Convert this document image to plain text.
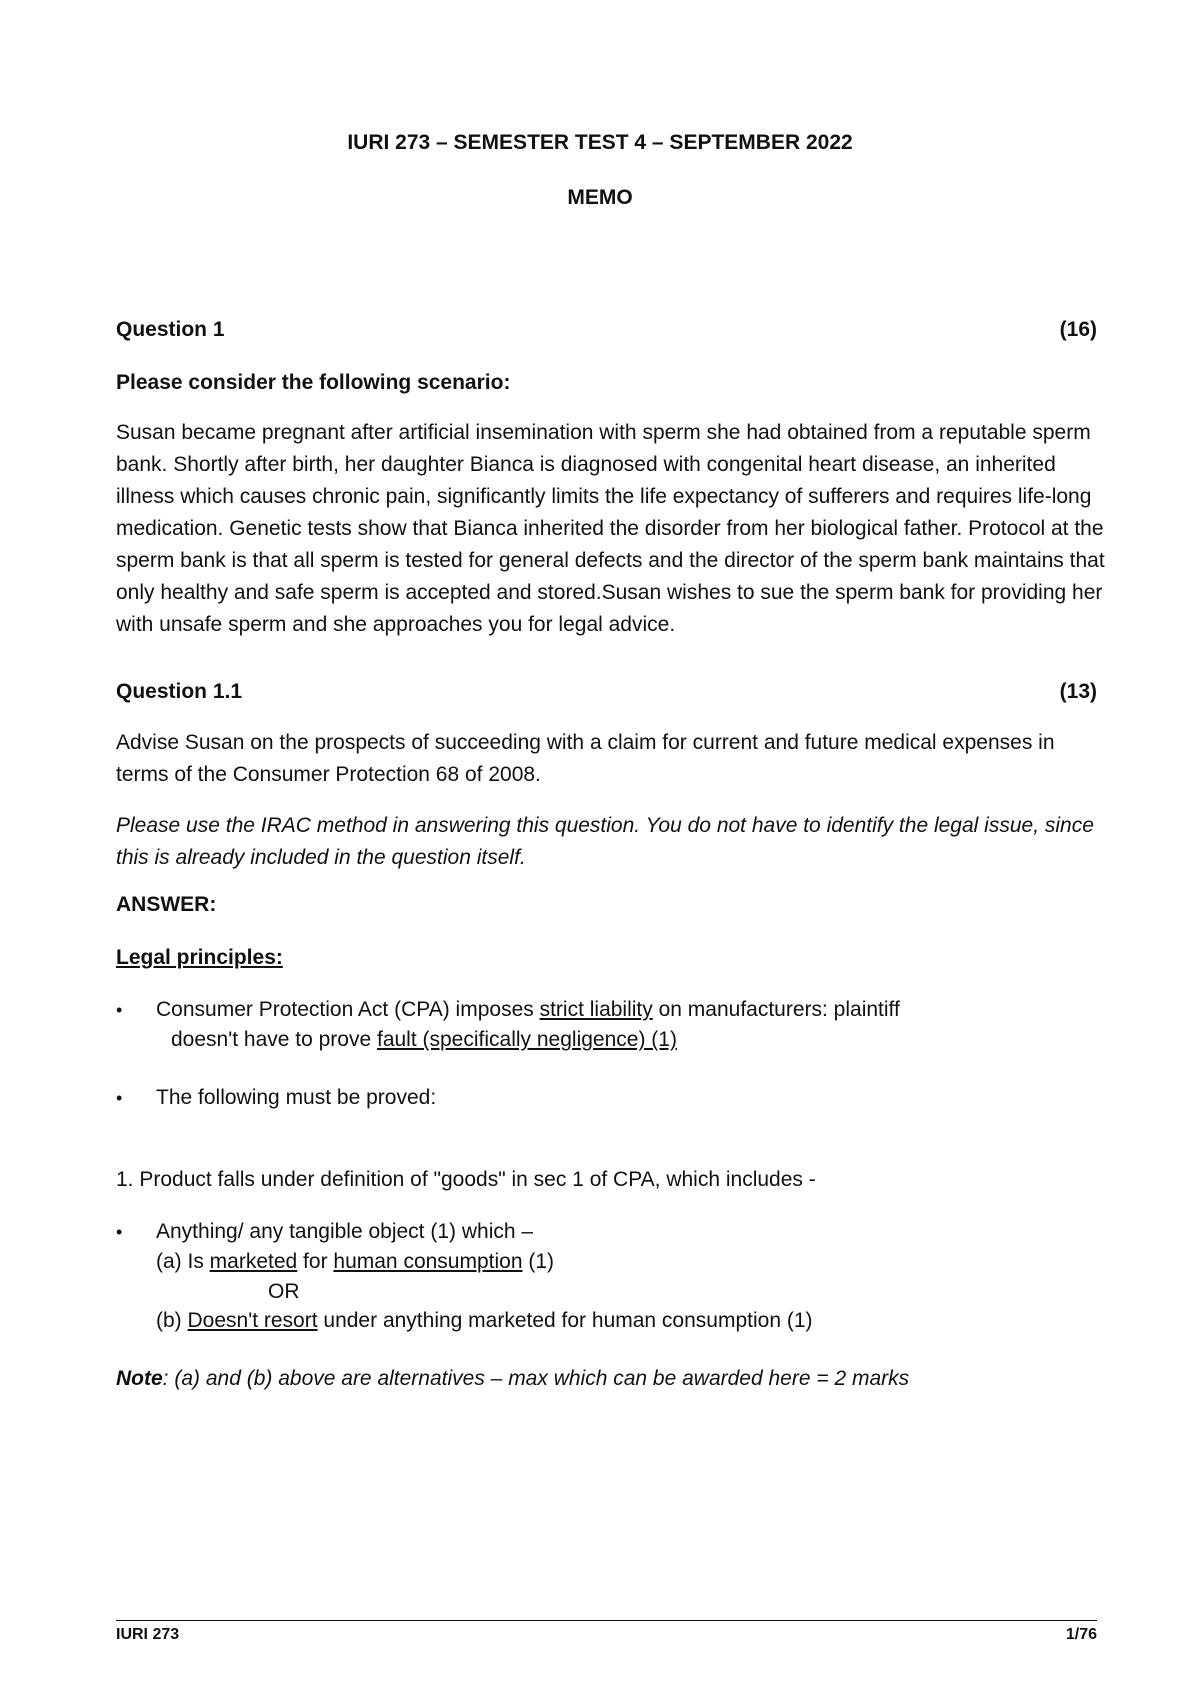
IURI 273 – SEMESTER TEST 4 – SEPTEMBER 2022
MEMO
Question 1	(16)
Please consider the following scenario:
Susan became pregnant after artificial insemination with sperm she had obtained from a reputable sperm bank. Shortly after birth, her daughter Bianca is diagnosed with congenital heart disease, an inherited illness which causes chronic pain, significantly limits the life expectancy of sufferers and requires life-long medication. Genetic tests show that Bianca inherited the disorder from her biological father. Protocol at the sperm bank is that all sperm is tested for general defects and the director of the sperm bank maintains that only healthy and safe sperm is accepted and stored.Susan wishes to sue the sperm bank for providing her with unsafe sperm and she approaches you for legal advice.
Question 1.1	(13)
Advise Susan on the prospects of succeeding with a claim for current and future medical expenses in terms of the Consumer Protection 68 of 2008.
Please use the IRAC method in answering this question. You do not have to identify the legal issue, since this is already included in the question itself.
ANSWER:
Legal principles:
• Consumer Protection Act (CPA) imposes strict liability on manufacturers: plaintiff
doesn't have to prove fault (specifically negligence) (1)
• The following must be proved:
1. Product falls under definition of "goods" in sec 1 of CPA, which includes -
• Anything/ any tangible object (1) which –
(a) Is marketed for human consumption (1)
OR
(b) Doesn't resort under anything marketed for human consumption (1)
Note: (a) and (b) above are alternatives – max which can be awarded here = 2 marks
IURI 273	1/76
